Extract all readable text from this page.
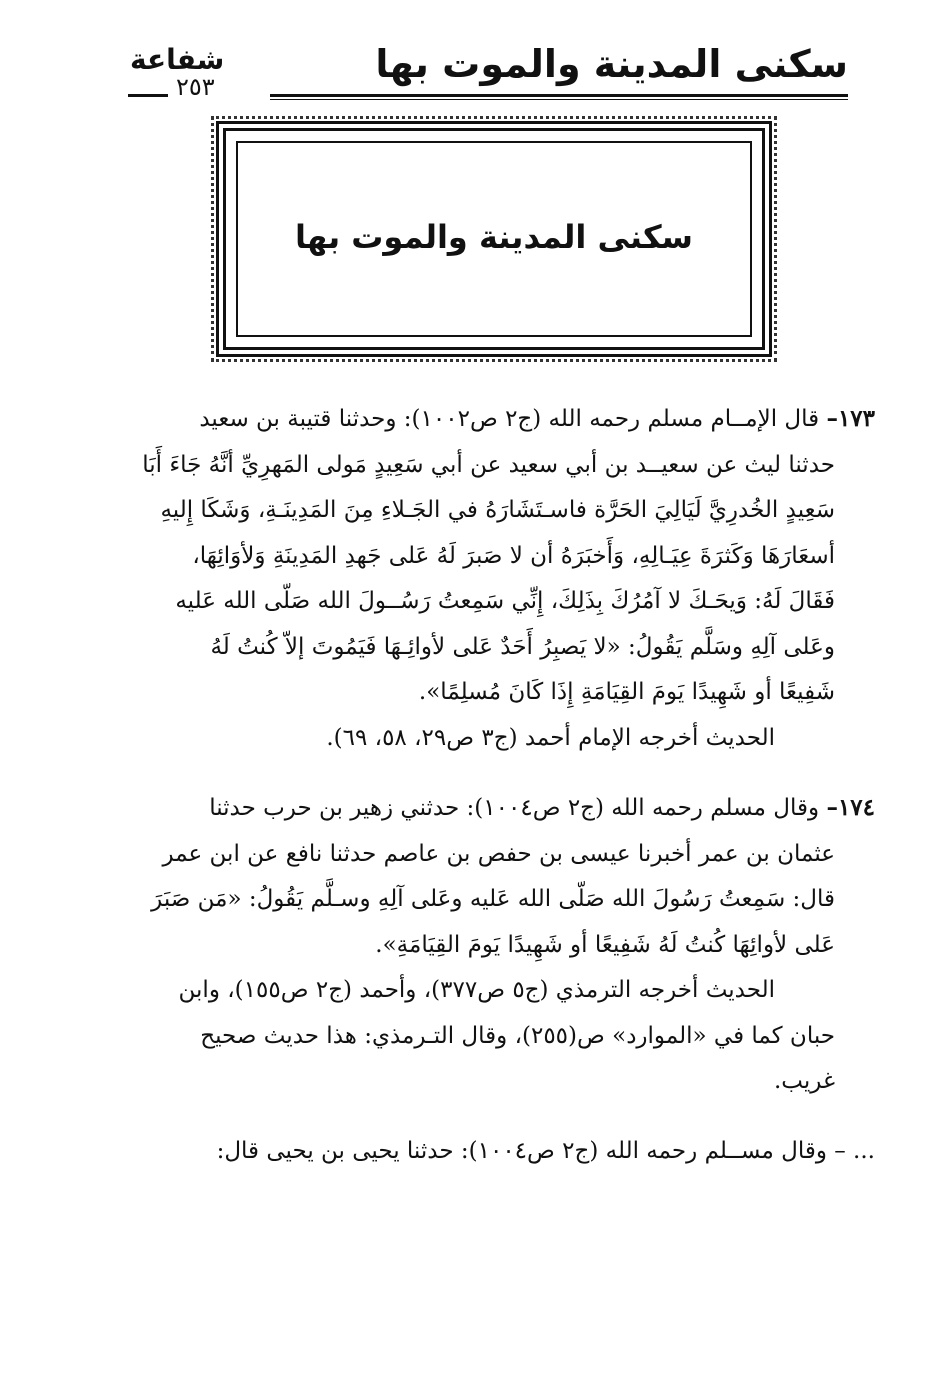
سكنى المدينة والموت بها
شفاعة
٢٥٣
سكنى المدينة والموت بها

١٧٣– قال الإمــام مسلم رحمه الله (ج٢ ص١٠٠٢): وحدثنا قتيبة بن سعيد

حدثنا ليث عن سعيــد بن أبي سعيد عن أبي سَعِيدٍ مَولى المَهرِيِّ أنَّهُ جَاءَ أَبَا
سَعِيدٍ الخُدرِيَّ لَيَالِيَ الحَرَّة فاسـتَشَارَهُ في الجَـلاءِ مِنَ المَدِينَـةِ، وَشَكَا إِليهِ
أسعَارَهَا وَكَثرَةَ عِيَـالِهِ، وَأَخبَرَهُ أن لا صَبرَ لَهُ عَلى جَهدِ المَدِينَةِ وَلأوَائِهَا،
فَقَالَ لَهُ: وَيحَـكَ لا آمُرُكَ بِذَلِكَ، إِنِّي سَمِعتُ رَسُــولَ الله صَلّى الله عَليه
وعَلى آلِهِ وسَلَّم يَقُولُ: «لا يَصبِرُ أَحَدٌ عَلى لأوائِـهَا فَيَمُوتَ إلاّ كُنتُ لَهُ
شَفِيعًا أو شَهِيدًا يَومَ القِيَامَةِ إِذَا كَانَ مُسلِمًا».
الحديث أخرجه الإمام أحمد (ج٣ ص٢٩، ٥٨، ٦٩).

١٧٤– وقال مسلم رحمه الله (ج٢ ص١٠٠٤): حدثني زهير بن حرب حدثنا

عثمان بن عمر أخبرنا عيسى بن حفص بن عاصم حدثنا نافع عن ابن عمر
قال: سَمِعتُ رَسُولَ الله صَلّى الله عَليه وعَلى آلِهِ وسـلَّم يَقُولُ: «مَن صَبَرَ
عَلى لأوائِهَا كُنتُ لَهُ شَفِيعًا أو شَهِيدًا يَومَ القِيَامَةِ».
الحديث أخرجه الترمذي (ج٥ ص٣٧٧)، وأحمد (ج٢ ص١٥٥)، وابن
حبان كما في «الموارد» ص(٢٥٥)، وقال التـرمذي: هذا حديث صحيح
غريب.

... – وقال مســلم رحمه الله (ج٢ ص١٠٠٤): حدثنا يحيى بن يحيى قال:
